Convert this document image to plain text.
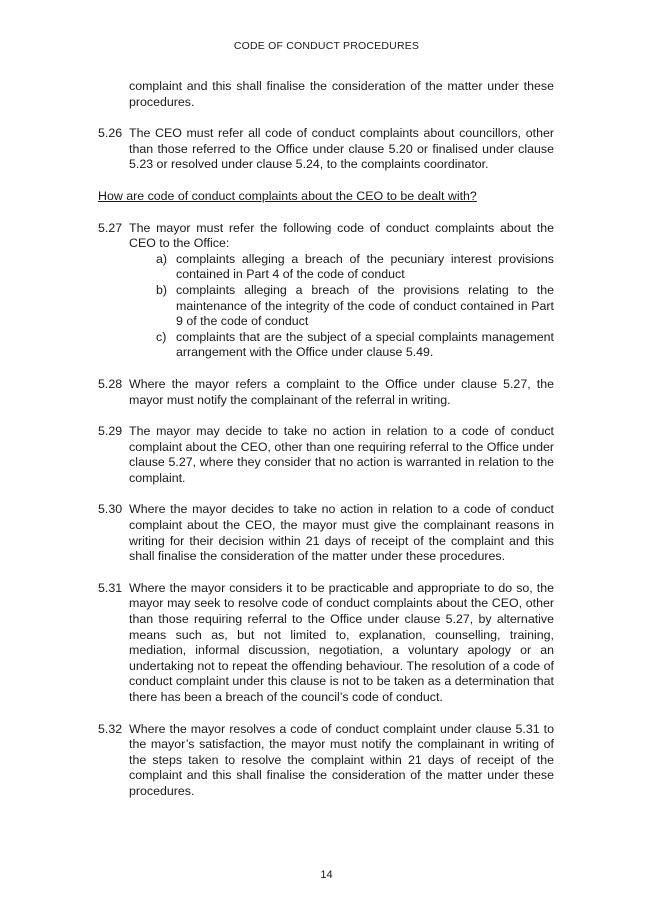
CODE OF CONDUCT PROCEDURES
complaint and this shall finalise the consideration of the matter under these procedures.
5.26 The CEO must refer all code of conduct complaints about councillors, other than those referred to the Office under clause 5.20 or finalised under clause 5.23 or resolved under clause 5.24, to the complaints coordinator.
How are code of conduct complaints about the CEO to be dealt with?
5.27 The mayor must refer the following code of conduct complaints about the CEO to the Office:
a) complaints alleging a breach of the pecuniary interest provisions contained in Part 4 of the code of conduct
b) complaints alleging a breach of the provisions relating to the maintenance of the integrity of the code of conduct contained in Part 9 of the code of conduct
c) complaints that are the subject of a special complaints management arrangement with the Office under clause 5.49.
5.28 Where the mayor refers a complaint to the Office under clause 5.27, the mayor must notify the complainant of the referral in writing.
5.29 The mayor may decide to take no action in relation to a code of conduct complaint about the CEO, other than one requiring referral to the Office under clause 5.27, where they consider that no action is warranted in relation to the complaint.
5.30 Where the mayor decides to take no action in relation to a code of conduct complaint about the CEO, the mayor must give the complainant reasons in writing for their decision within 21 days of receipt of the complaint and this shall finalise the consideration of the matter under these procedures.
5.31 Where the mayor considers it to be practicable and appropriate to do so, the mayor may seek to resolve code of conduct complaints about the CEO, other than those requiring referral to the Office under clause 5.27, by alternative means such as, but not limited to, explanation, counselling, training, mediation, informal discussion, negotiation, a voluntary apology or an undertaking not to repeat the offending behaviour. The resolution of a code of conduct complaint under this clause is not to be taken as a determination that there has been a breach of the council’s code of conduct.
5.32 Where the mayor resolves a code of conduct complaint under clause 5.31 to the mayor’s satisfaction, the mayor must notify the complainant in writing of the steps taken to resolve the complaint within 21 days of receipt of the complaint and this shall finalise the consideration of the matter under these procedures.
14
